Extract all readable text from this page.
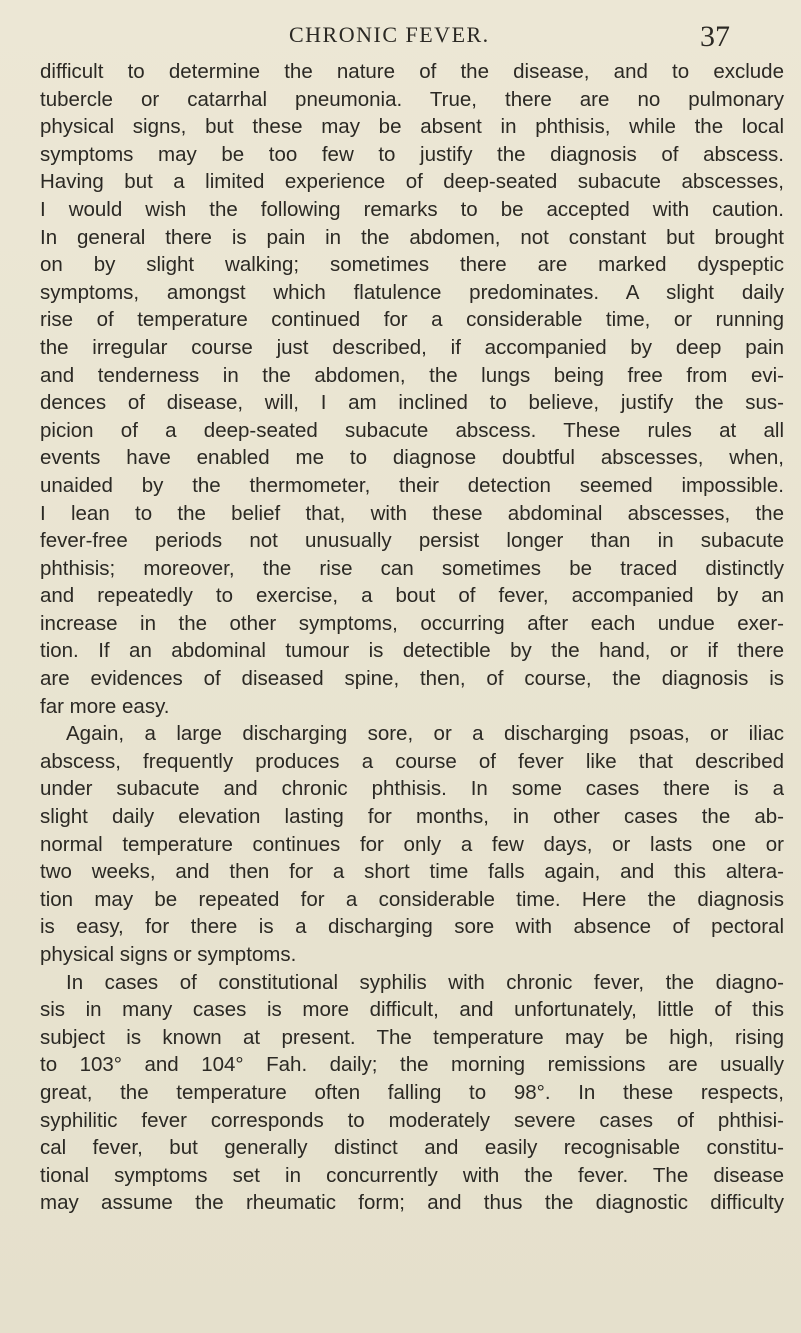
CHRONIC FEVER.	37
difficult to determine the nature of the disease, and to exclude
tubercle or catarrhal pneumonia. True, there are no pulmonary
physical signs, but these may be absent in phthisis, while the local
symptoms may be too few to justify the diagnosis of abscess.
Having but a limited experience of deep-seated subacute abscesses,
I would wish the following remarks to be accepted with caution.
In general there is pain in the abdomen, not constant but brought
on by slight walking; sometimes there are marked dyspeptic
symptoms, amongst which flatulence predominates. A slight daily
rise of temperature continued for a considerable time, or running
the irregular course just described, if accompanied by deep pain
and tenderness in the abdomen, the lungs being free from evi-
dences of disease, will, I am inclined to believe, justify the sus-
picion of a deep-seated subacute abscess. These rules at all
events have enabled me to diagnose doubtful abscesses, when,
unaided by the thermometer, their detection seemed impossible.
I lean to the belief that, with these abdominal abscesses, the
fever-free periods not unusually persist longer than in subacute
phthisis; moreover, the rise can sometimes be traced distinctly
and repeatedly to exercise, a bout of fever, accompanied by an
increase in the other symptoms, occurring after each undue exer-
tion. If an abdominal tumour is detectible by the hand, or if there
are evidences of diseased spine, then, of course, the diagnosis is
far more easy.
Again, a large discharging sore, or a discharging psoas, or iliac
abscess, frequently produces a course of fever like that described
under subacute and chronic phthisis. In some cases there is a
slight daily elevation lasting for months, in other cases the ab-
normal temperature continues for only a few days, or lasts one or
two weeks, and then for a short time falls again, and this altera-
tion may be repeated for a considerable time. Here the diagnosis
is easy, for there is a discharging sore with absence of pectoral
physical signs or symptoms.
In cases of constitutional syphilis with chronic fever, the diagno-
sis in many cases is more difficult, and unfortunately, little of this
subject is known at present. The temperature may be high, rising
to 103° and 104° Fah. daily; the morning remissions are usually
great, the temperature often falling to 98°. In these respects,
syphilitic fever corresponds to moderately severe cases of phthisi-
cal fever, but generally distinct and easily recognisable constitu-
tional symptoms set in concurrently with the fever. The disease
may assume the rheumatic form; and thus the diagnostic difficulty
